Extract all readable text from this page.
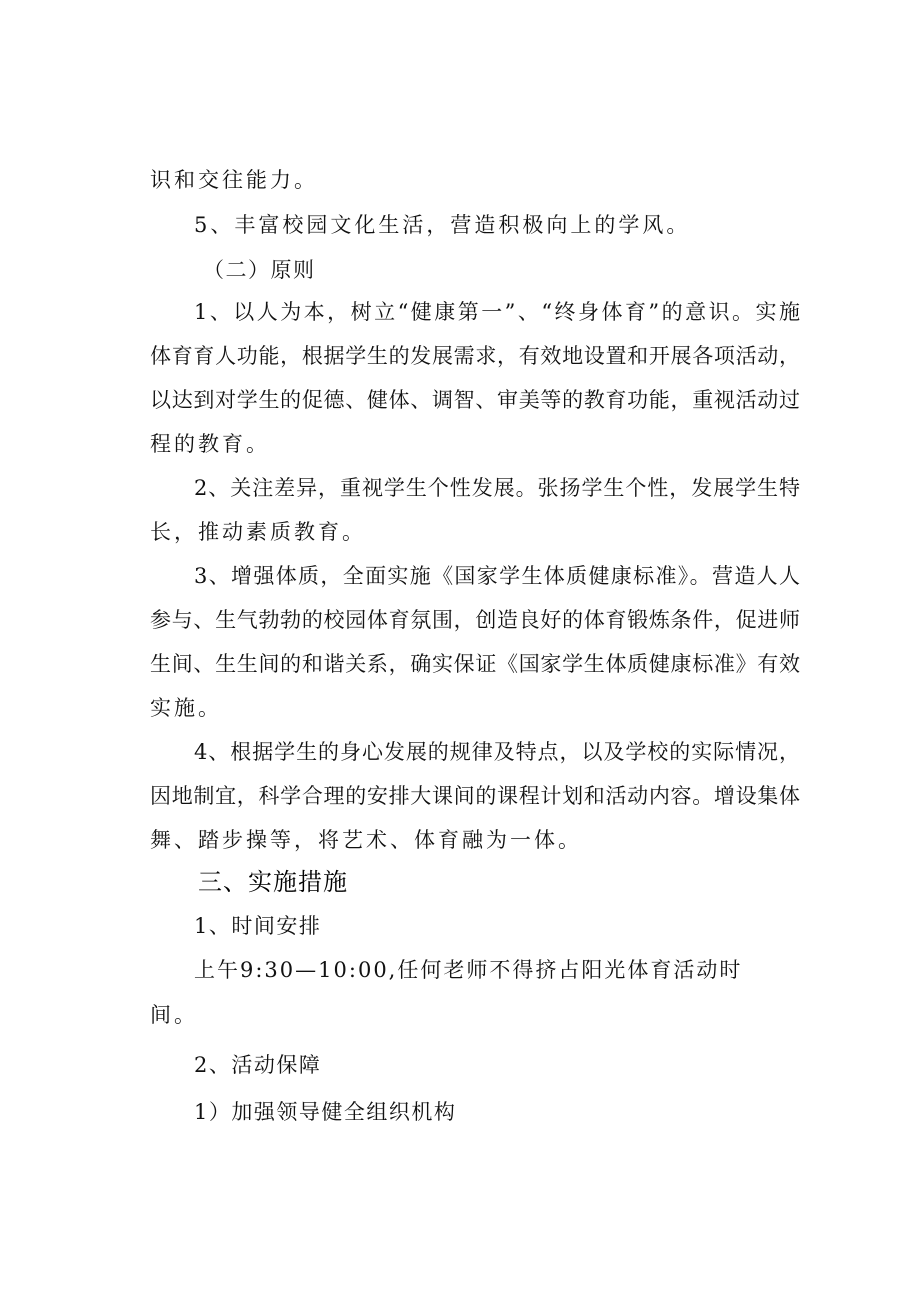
识和交往能力。
5、丰富校园文化生活，营造积极向上的学风。
（二）原则
1、以人为本，树立“健康第一”、“终身体育”的意识。实施
体育育人功能，根据学生的发展需求，有效地设置和开展各项活动，
以达到对学生的促德、健体、调智、审美等的教育功能，重视活动过
程的教育。
2、关注差异，重视学生个性发展。张扬学生个性，发展学生特
长，推动素质教育。
3、增强体质，全面实施《国家学生体质健康标准》。营造人人
参与、生气勃勃的校园体育氛围，创造良好的体育锻炼条件，促进师
生间、生生间的和谐关系，确实保证《国家学生体质健康标准》有效
实施。
4、根据学生的身心发展的规律及特点，以及学校的实际情况，
因地制宜，科学合理的安排大课间的课程计划和活动内容。增设集体
舞、踏步操等，将艺术、体育融为一体。
三、实施措施
1、时间安排
上午9:30—10:00,任何老师不得挤占阳光体育活动时
间。
2、活动保障
1）加强领导健全组织机构
